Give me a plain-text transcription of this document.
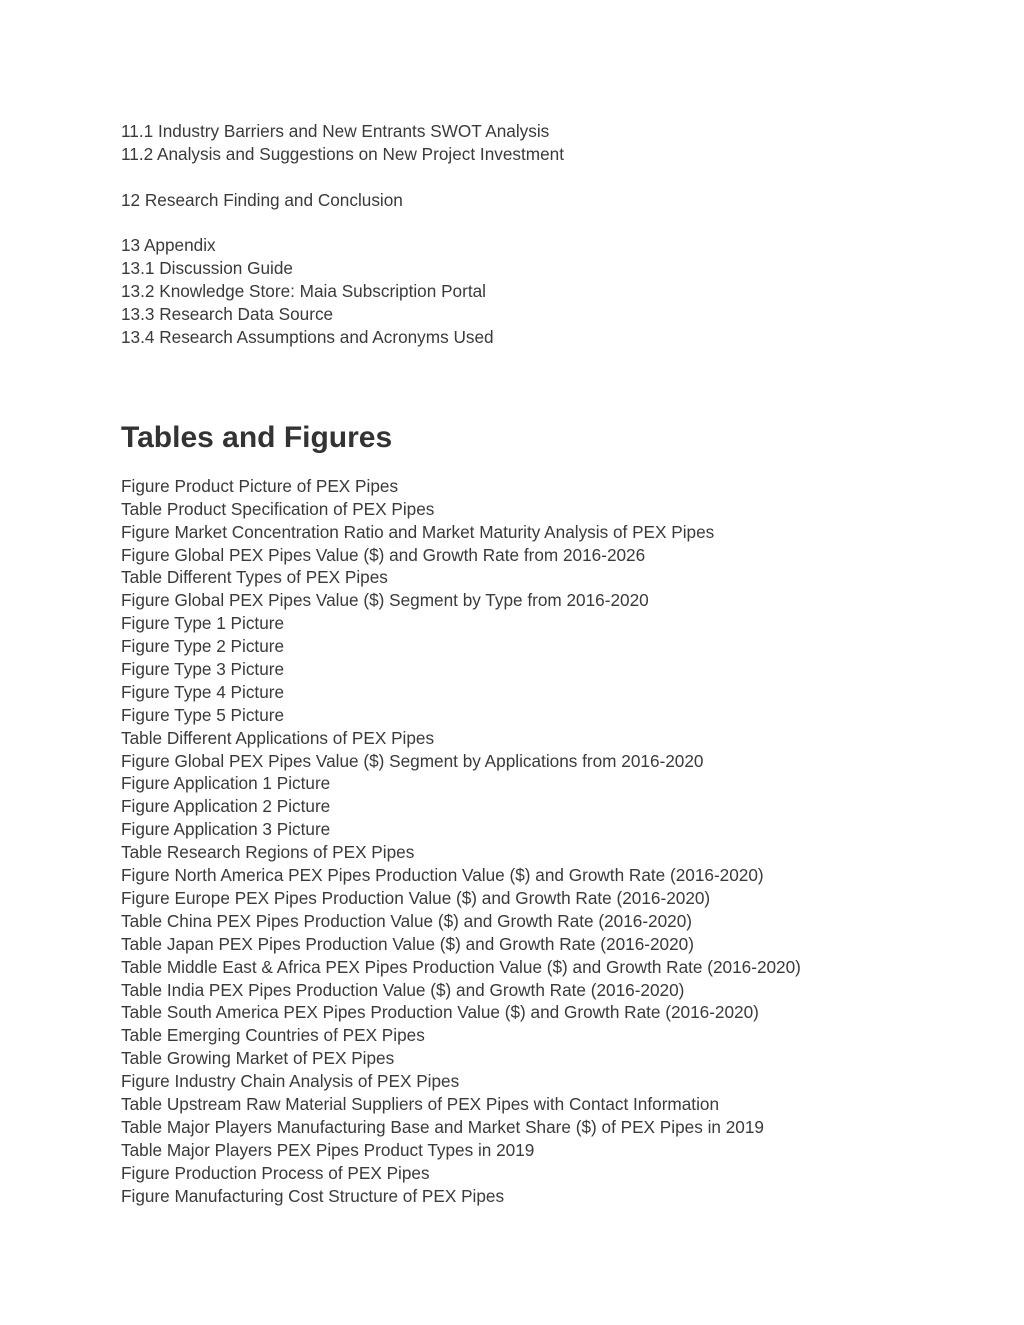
11.1 Industry Barriers and New Entrants SWOT Analysis
11.2 Analysis and Suggestions on New Project Investment
12 Research Finding and Conclusion
13 Appendix
13.1 Discussion Guide
13.2 Knowledge Store: Maia Subscription Portal
13.3 Research Data Source
13.4 Research Assumptions and Acronyms Used
Tables and Figures
Figure Product Picture of PEX Pipes
Table Product Specification of PEX Pipes
Figure Market Concentration Ratio and Market Maturity Analysis of PEX Pipes
Figure Global PEX Pipes Value ($) and Growth Rate from 2016-2026
Table Different Types of PEX Pipes
Figure Global PEX Pipes Value ($) Segment by Type from 2016-2020
Figure Type 1 Picture
Figure Type 2 Picture
Figure Type 3 Picture
Figure Type 4 Picture
Figure Type 5 Picture
Table Different Applications of PEX Pipes
Figure Global PEX Pipes Value ($) Segment by Applications from 2016-2020
Figure Application 1 Picture
Figure Application 2 Picture
Figure Application 3 Picture
Table Research Regions of PEX Pipes
Figure North America PEX Pipes Production Value ($) and Growth Rate (2016-2020)
Figure Europe PEX Pipes Production Value ($) and Growth Rate (2016-2020)
Table China PEX Pipes Production Value ($) and Growth Rate (2016-2020)
Table Japan PEX Pipes Production Value ($) and Growth Rate (2016-2020)
Table Middle East & Africa PEX Pipes Production Value ($) and Growth Rate (2016-2020)
Table India PEX Pipes Production Value ($) and Growth Rate (2016-2020)
Table South America PEX Pipes Production Value ($) and Growth Rate (2016-2020)
Table Emerging Countries of PEX Pipes
Table Growing Market of PEX Pipes
Figure Industry Chain Analysis of PEX Pipes
Table Upstream Raw Material Suppliers of PEX Pipes with Contact Information
Table Major Players Manufacturing Base and Market Share ($) of PEX Pipes in 2019
Table Major Players PEX Pipes Product Types in 2019
Figure Production Process of PEX Pipes
Figure Manufacturing Cost Structure of PEX Pipes
